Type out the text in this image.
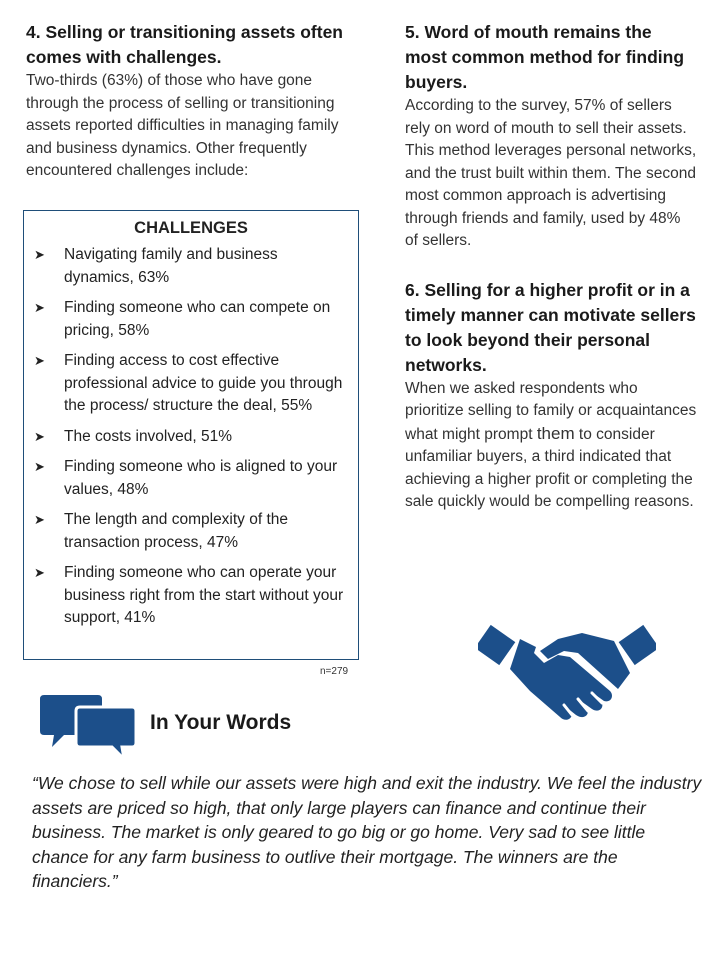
4. Selling or transitioning assets often comes with challenges.

Two-thirds (63%) of those who have gone through the process of selling or transitioning assets reported difficulties in managing family and business dynamics. Other frequently encountered challenges include:

CHALLENGES
➤	Navigating family and business dynamics, 63%
➤	Finding someone who can compete on pricing, 58%
➤	Finding access to cost effective professional advice to guide you through the process/ structure the deal, 55%
➤	The costs involved, 51%
➤	Finding someone who is aligned to your values, 48%
➤	The length and complexity of the transaction process, 47%
➤	Finding someone who can operate your business right from the start without your support, 41%
n=279
5. Word of mouth remains the most common method for finding buyers.

According to the survey, 57% of sellers rely on word of mouth to sell their assets. This method leverages personal networks, and the trust built within them. The second most common approach is advertising through friends and family, used by 48% of sellers.

6. Selling for a higher profit or in a timely manner can motivate sellers to look beyond their personal networks.

When we asked respondents who prioritize selling to family or acquaintances what might prompt them to consider unfamiliar buyers, a third indicated that achieving a higher profit or completing the sale quickly would be compelling reasons.

In Your Words
“We chose to sell while our assets were high and exit the industry. We feel the industry assets are priced so high, that only large players can finance and continue their business. The market is only geared to go big or go home. Very sad to see little chance for any farm business to outlive their mortgage. The winners are the financiers.”
